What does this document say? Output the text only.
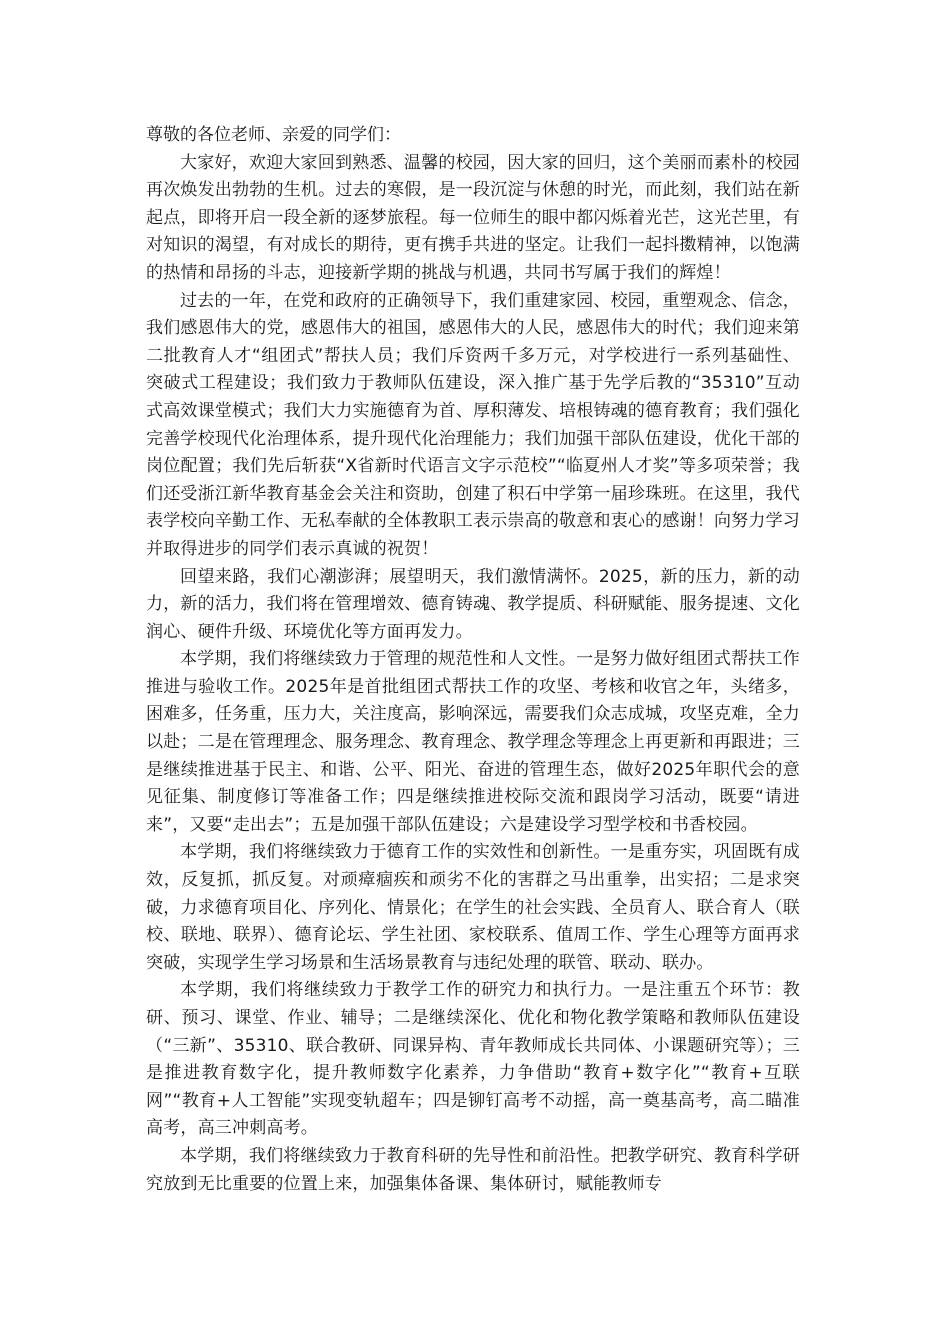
尊敬的各位老师、亲爱的同学们：

大家好，欢迎大家回到熟悉、温馨的校园，因大家的回归，这个美丽而素朴的校园再次焕发出勃勃的生机。过去的寒假，是一段沉淀与休憩的时光，而此刻，我们站在新起点，即将开启一段全新的逐梦旅程。每一位师生的眼中都闪烁着光芒，这光芒里，有对知识的渴望，有对成长的期待，更有携手共进的坚定。让我们一起抖擞精神，以饱满的热情和昂扬的斗志，迎接新学期的挑战与机遇，共同书写属于我们的辉煌！

过去的一年，在党和政府的正确领导下，我们重建家园、校园，重塑观念、信念，我们感恩伟大的党，感恩伟大的祖国，感恩伟大的人民，感恩伟大的时代；我们迎来第二批教育人才“组团式”帮扶人员；我们斥资两千多万元，对学校进行一系列基础性、突破式工程建设；我们致力于教师队伍建设，深入推广基于先学后教的“35310”互动式高效课堂模式；我们大力实施德育为首、厚积薄发、培根铸魂的德育教育；我们强化完善学校现代化治理体系，提升现代化治理能力；我们加强干部队伍建设，优化干部的岗位配置；我们先后斩获“X省新时代语言文字示范校”“临夏州人才奖”等多项荣誉；我们还受浙江新华教育基金会关注和资助，创建了积石中学第一届珍珠班。在这里，我代表学校向辛勤工作、无私奉献的全体教职工表示崇高的敬意和衷心的感谢！向努力学习并取得进步的同学们表示真诚的祝贺！

回望来路，我们心潮澎湃；展望明天，我们激情满怀。2025，新的压力，新的动力，新的活力，我们将在管理增效、德育铸魂、教学提质、科研赋能、服务提速、文化润心、硬件升级、环境优化等方面再发力。

本学期，我们将继续致力于管理的规范性和人文性。一是努力做好组团式帮扶工作推进与验收工作。2025年是首批组团式帮扶工作的攻坚、考核和收官之年，头绪多，困难多，任务重，压力大，关注度高，影响深远，需要我们众志成城，攻坚克难，全力以赴；二是在管理理念、服务理念、教育理念、教学理念等理念上再更新和再跟进；三是继续推进基于民主、和谐、公平、阳光、奋进的管理生态，做好2025年职代会的意见征集、制度修订等准备工作；四是继续推进校际交流和跟岗学习活动，既要“请进来”，又要“走出去”；五是加强干部队伍建设；六是建设学习型学校和书香校园。

本学期，我们将继续致力于德育工作的实效性和创新性。一是重夯实，巩固既有成效，反复抓，抓反复。对顽瘴痼疾和顽劣不化的害群之马出重拳，出实招；二是求突破，力求德育项目化、序列化、情景化；在学生的社会实践、全员育人、联合育人（联校、联地、联界）、德育论坛、学生社团、家校联系、值周工作、学生心理等方面再求突破，实现学生学习场景和生活场景教育与违纪处理的联管、联动、联办。

本学期，我们将继续致力于教学工作的研究力和执行力。一是注重五个环节：教研、预习、课堂、作业、辅导；二是继续深化、优化和物化教学策略和教师队伍建设（“三新”、35310、联合教研、同课异构、青年教师成长共同体、小课题研究等）；三是推进教育数字化，提升教师数字化素养，力争借助“教育+数字化”“教育+互联网”“教育+人工智能”实现变轨超车；四是铆钉高考不动摇，高一奠基高考，高二瞄准高考，高三冲刺高考。

本学期，我们将继续致力于教育科研的先导性和前沿性。把教学研究、教育科学研究放到无比重要的位置上来，加强集体备课、集体研讨，赋能教师专
